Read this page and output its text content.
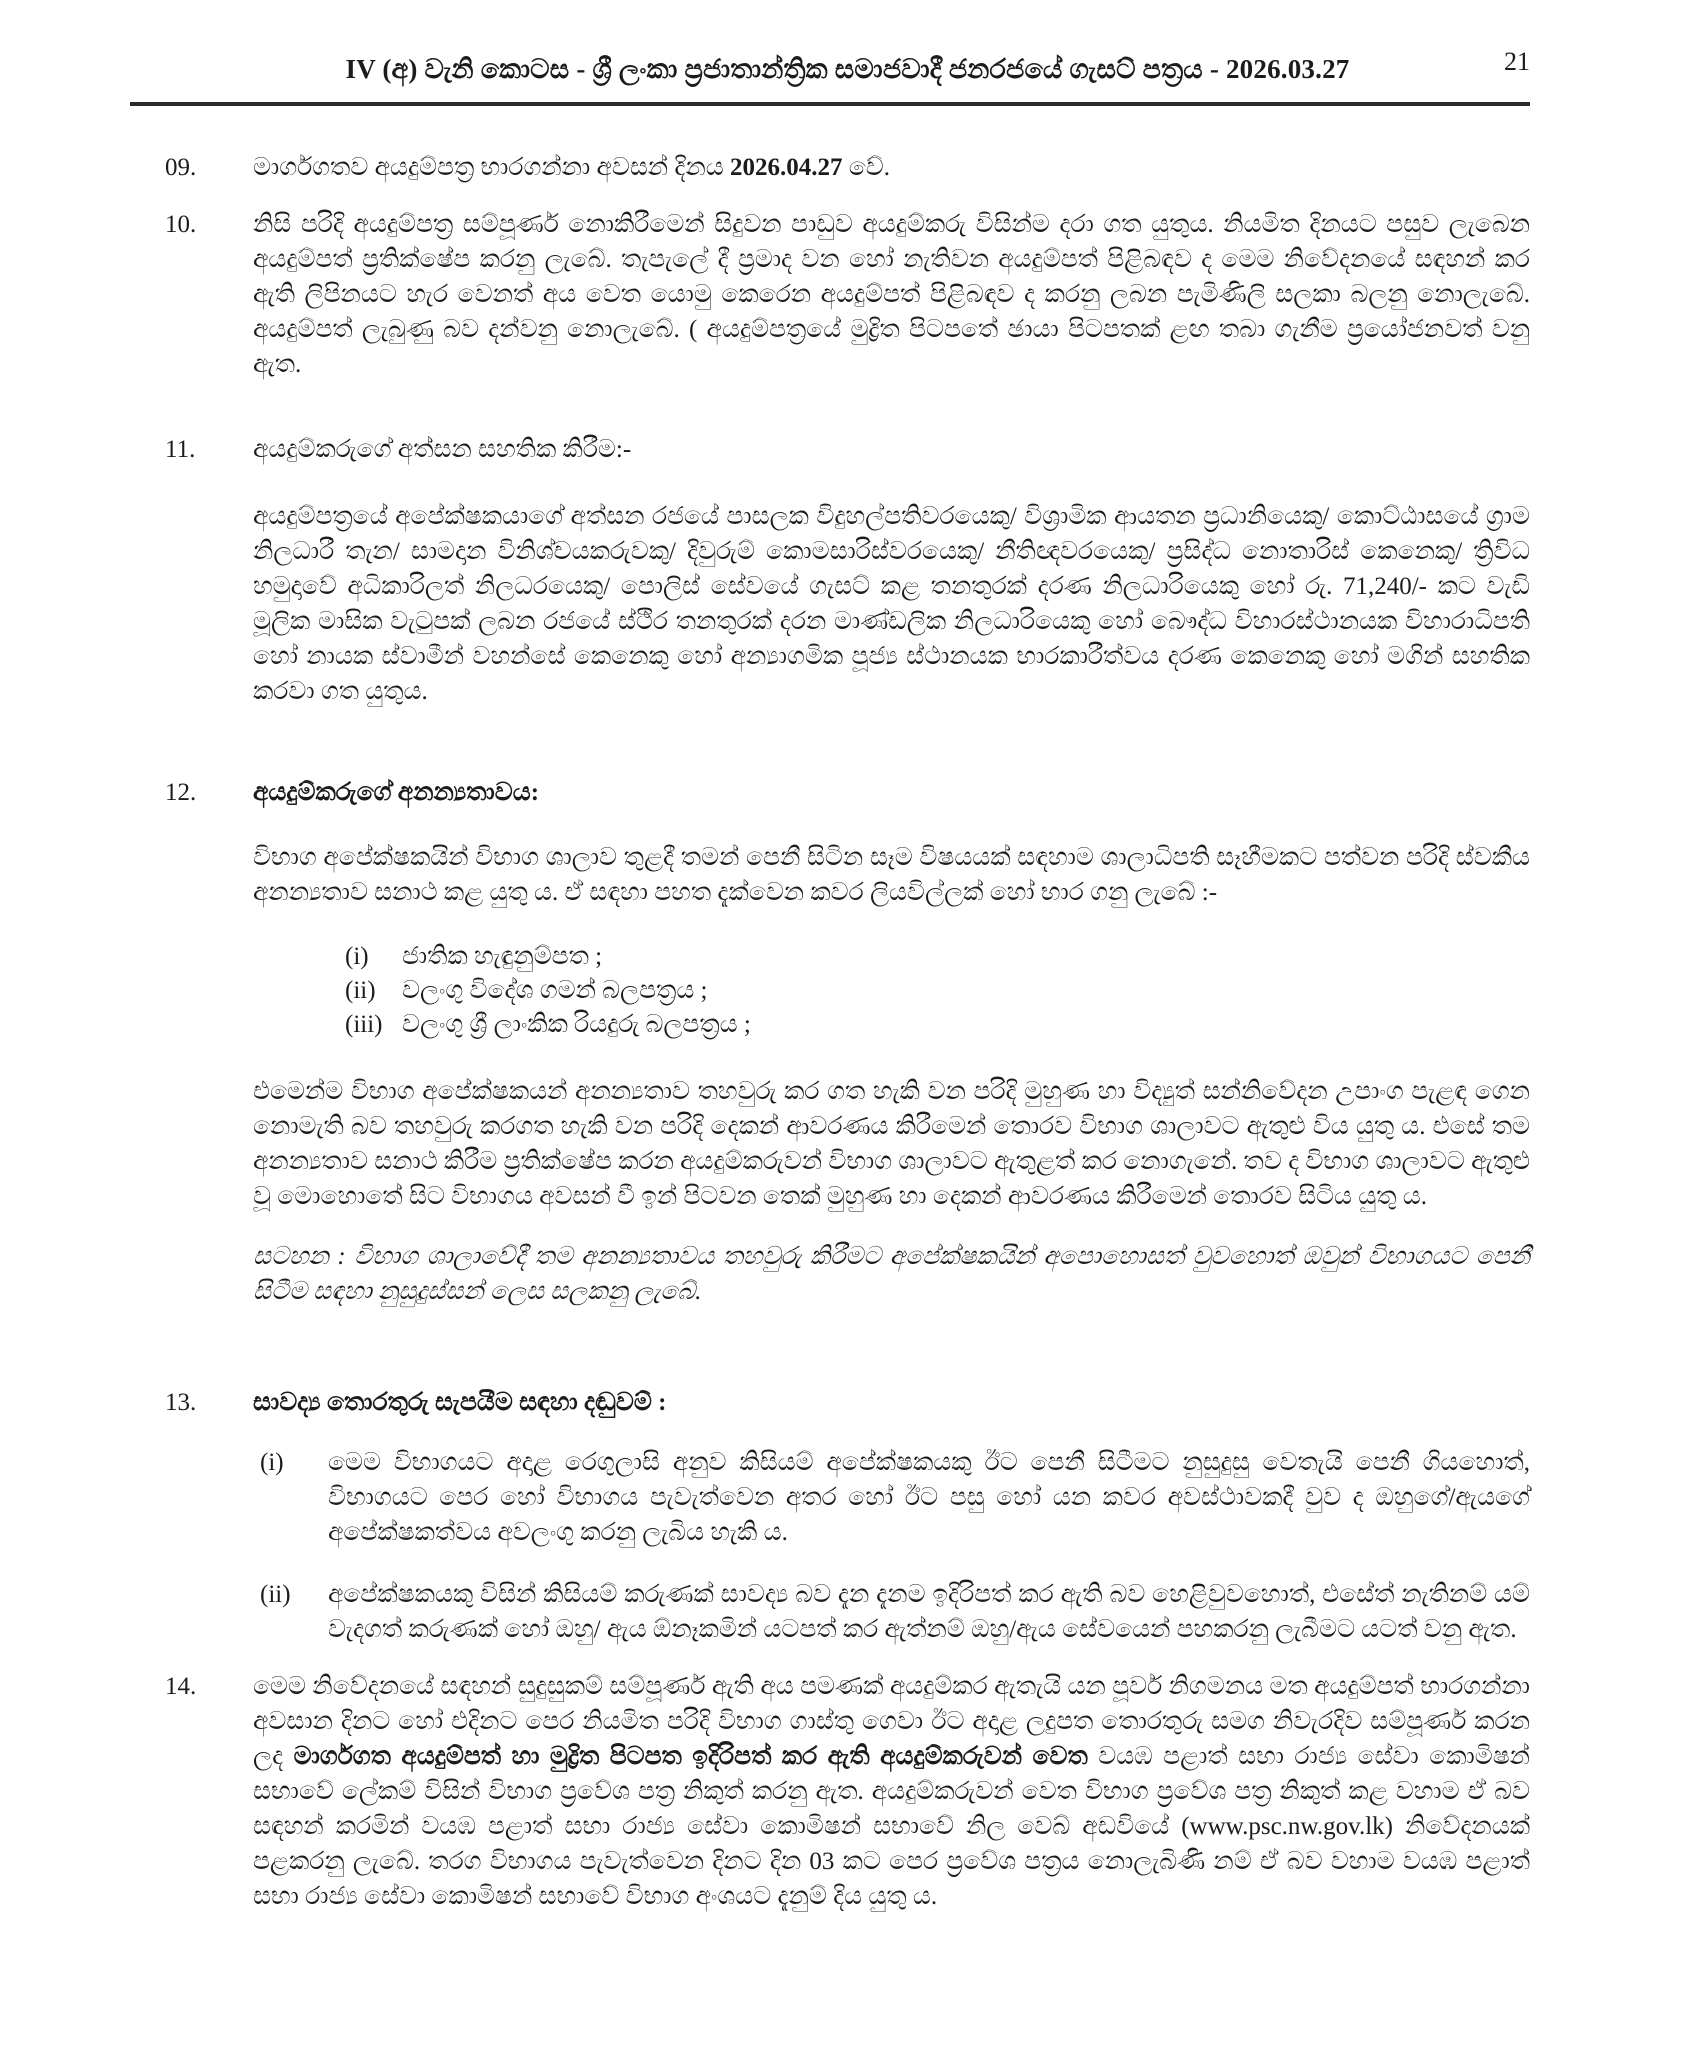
IV (අ) වැනි කොටස - ශ්‍රී ලංකා ප්‍රජාතාන්ත්‍රික සමාජවාදී ජනරජයේ ගැසට් පත්‍රය - 2026.03.27	21
09.	මාර්ගගතව අයදුම්පත්‍ර භාරගන්නා අවසන් දිනය 2026.04.27 වේ.
10.	නිසි පරිදි අයදුම්පත්‍ර සම්පූර්ණ නොකිරීමෙන් සිදුවන පාඩුව අයදුම්කරු විසින්ම දරා ගත යුතුය. නියමිත දිනයට පසුව ලැබෙන අයදුම්පත් ප්‍රතික්ෂේප කරනු ලැබේ. තැපැලේ දී ප්‍රමාද වන හෝ නැතිවන අයදුම්පත් පිළිබඳව ද මෙම නිවේදනයේ සඳහන් කර ඇති ලිපිනයට හැර වෙනත් අය වෙත යොමු කෙරෙන අයදුම්පත් පිළිබඳව ද කරනු ලබන පැමිණිලි සලකා බලනු නොලැබේ. අයදුම්පත් ලැබුණු බව දන්වනු නොලැබේ. ( අයදුම්පත්‍රයේ මුද්‍රිත පිටපතේ ඡායා පිටපතක් ළඟ තබා ගැනීම ප්‍රයෝජනවත් වනු ඇත.
11.	අයදුම්කරුගේ අත්සන සහතික කිරීම:-
අයදුම්පත්‍රයේ අපේක්ෂකයාගේ අත්සන රජයේ පාසලක විදුහල්පතිවරයෙකු/ විශ්‍රාමික ආයතන ප්‍රධානියෙකු/ කොට්ඨාසයේ ග්‍රාම නිලධාරී තැන/ සාමදාන විනිශ්චයකරුවකු/ දිවුරුම් කොමසාරිස්වරයෙකු/ නීතිඥවරයෙකු/ ප්‍රසිද්ධ නොතාරිස් කෙනෙකු/ ත්‍රිවිධ හමුදාවේ අධිකාරිලත් නිලධරයෙකු/ පොලිස් සේවයේ ගැසට් කළ තනතුරක් දරණ නිලධාරියෙකු හෝ රු. 71,240/- කට වැඩි මූලික මාසික වැටුපක් ලබන රජයේ ස්ථිර තනතුරක් දරන මාණ්ඩලික නිලධාරියෙකු හෝ බෞද්ධ විහාරස්ථානයක විහාරාධිපති හෝ නායක ස්වාමීන් වහන්සේ කෙනෙකු හෝ අන්‍යාගමික පූජ්‍ය ස්ථානයක භාරකාරීත්වය දරණ කෙනෙකු හෝ මගින් සහතික කරවා ගත යුතුය.
12.	අයදුම්කරුගේ අනන්‍යතාවය:
විභාග අපේක්ෂකයින් විභාග ශාලාව තුළදී තමන් පෙනී සිටින සෑම විෂයයක් සඳහාම ශාලාධිපති සෑහීමකට පත්වන පරිදි ස්වකීය අනන්‍යතාව සනාථ කළ යුතු ය. ඒ සඳහා පහත දැක්වෙන කවර ලියවිල්ලක් හෝ භාර ගනු ලැබේ :-
(i)	ජාතික හැඳුනුම්පත ;
(ii)	වලංගු විදේශ ගමන් බලපත්‍රය ;
(iii) වලංගු ශ්‍රී ලාංකික රියදුරු බලපත්‍රය ;
එමෙන්ම විභාග අපේක්ෂකයන් අනන්‍යතාව තහවුරු කර ගත හැකි වන පරිදි මුහුණ හා විද්‍යුත් සන්නිවේදන උපාංග පැළඳ ගෙන නොමැති බව තහවුරු කරගත හැකි වන පරිදි දෙකන් ආවරණය කිරීමෙන් තොරව විභාග ශාලාවට ඇතුළු විය යුතු ය. එසේ තම අනන්‍යතාව සනාථ කිරීම ප්‍රතික්ෂේප කරන අයදුම්කරුවන් විභාග ශාලාවට ඇතුළත් කර නොගැනේ. තව ද විභාග ශාලාවට ඇතුළු වූ මොහොතේ සිට විභාගය අවසන් වී ඉන් පිටවන තෙක් මුහුණ හා දෙකන් ආවරණය කිරීමෙන් තොරව සිටිය යුතු ය.
සටහන : විභාග ශාලාවේදී තම අනන්‍යතාවය තහවුරු කිරීමට අපේක්ෂකයින් අපොහොසත් වුවහොත් ඔවුන් විභාගයට පෙනී සිටීම සඳහා නුසුදුස්සන් ලෙස සලකනු ලැබේ.
13.	සාවද්‍ය තොරතුරු සැපයීම සඳහා දඬුවම් :
(i)	මෙම විභාගයට අදාළ රෙගුලාසි අනුව කිසියම් අපේක්ෂකයකු ඊට පෙනී සිටීමට නුසුදුසු වෙතැයි පෙනී ගියහොත්, විභාගයට පෙර හෝ විභාගය පැවැත්වෙන අතර හෝ ඊට පසු හෝ යන කවර අවස්ථාවකදී වුව ද ඔහුගේ/ඇයගේ අපේක්ෂකත්වය අවලංගු කරනු ලැබිය හැකි ය.
(ii)	අපේක්ෂකයකු විසින් කිසියම් කරුණක් සාවද්‍ය බව දැන දැනම ඉදිරිපත් කර ඇති බව හෙළිවුවහොත්, එසේත් නැතිනම් යම් වැදගත් කරුණක් හෝ ඔහු/ ඇය ඕනෑකමින් යටපත් කර ඇත්නම් ඔහු/ඇය සේවයෙන් පහකරනු ලැබීමට යටත් වනු ඇත.
14.	මෙම නිවේදනයේ සඳහන් සුදුසුකම් සම්පූර්ණ ඇති අය පමණක් අයදුම්කර ඇතැයි යන පූර්ව නිගමනය මත අයදුම්පත් භාරගන්නා අවසාන දිනට හෝ එදිනට පෙර නියමිත පරිදි විභාග ගාස්තු ගෙවා ඊට අදාළ ලදුපත තොරතුරු සමග නිවැරදිව සම්පූර්ණ කරන ලද මාර්ගගත අයදුම්පත් හා මුද්‍රිත පිටපත ඉදිරිපත් කර ඇති අයදුම්කරුවන් වෙත වයඹ පළාත් සභා රාජ්‍ය සේවා කොමිෂන් සභාවේ ලේකම් විසින් විභාග ප්‍රවේශ පත්‍ර නිකුත් කරනු ඇත. අයදුම්කරුවන් වෙත විභාග ප්‍රවේශ පත්‍ර නිකුත් කළ වහාම ඒ බව සඳහන් කරමින් වයඹ පළාත් සභා රාජ්‍ය සේවා කොමිෂන් සභාවේ නිල වෙබ් අඩවියේ (www.psc.nw.gov.lk) නිවේදනයක් පළකරනු ලැබේ. තරග විභාගය පැවැත්වෙන දිනට දින 03 කට පෙර ප්‍රවේශ පත්‍රය නොලැබිණි නම් ඒ බව වහාම වයඹ පළාත් සභා රාජ්‍ය සේවා කොමිෂන් සභාවේ විභාග අංශයට දැනුම් දිය යුතු ය.
